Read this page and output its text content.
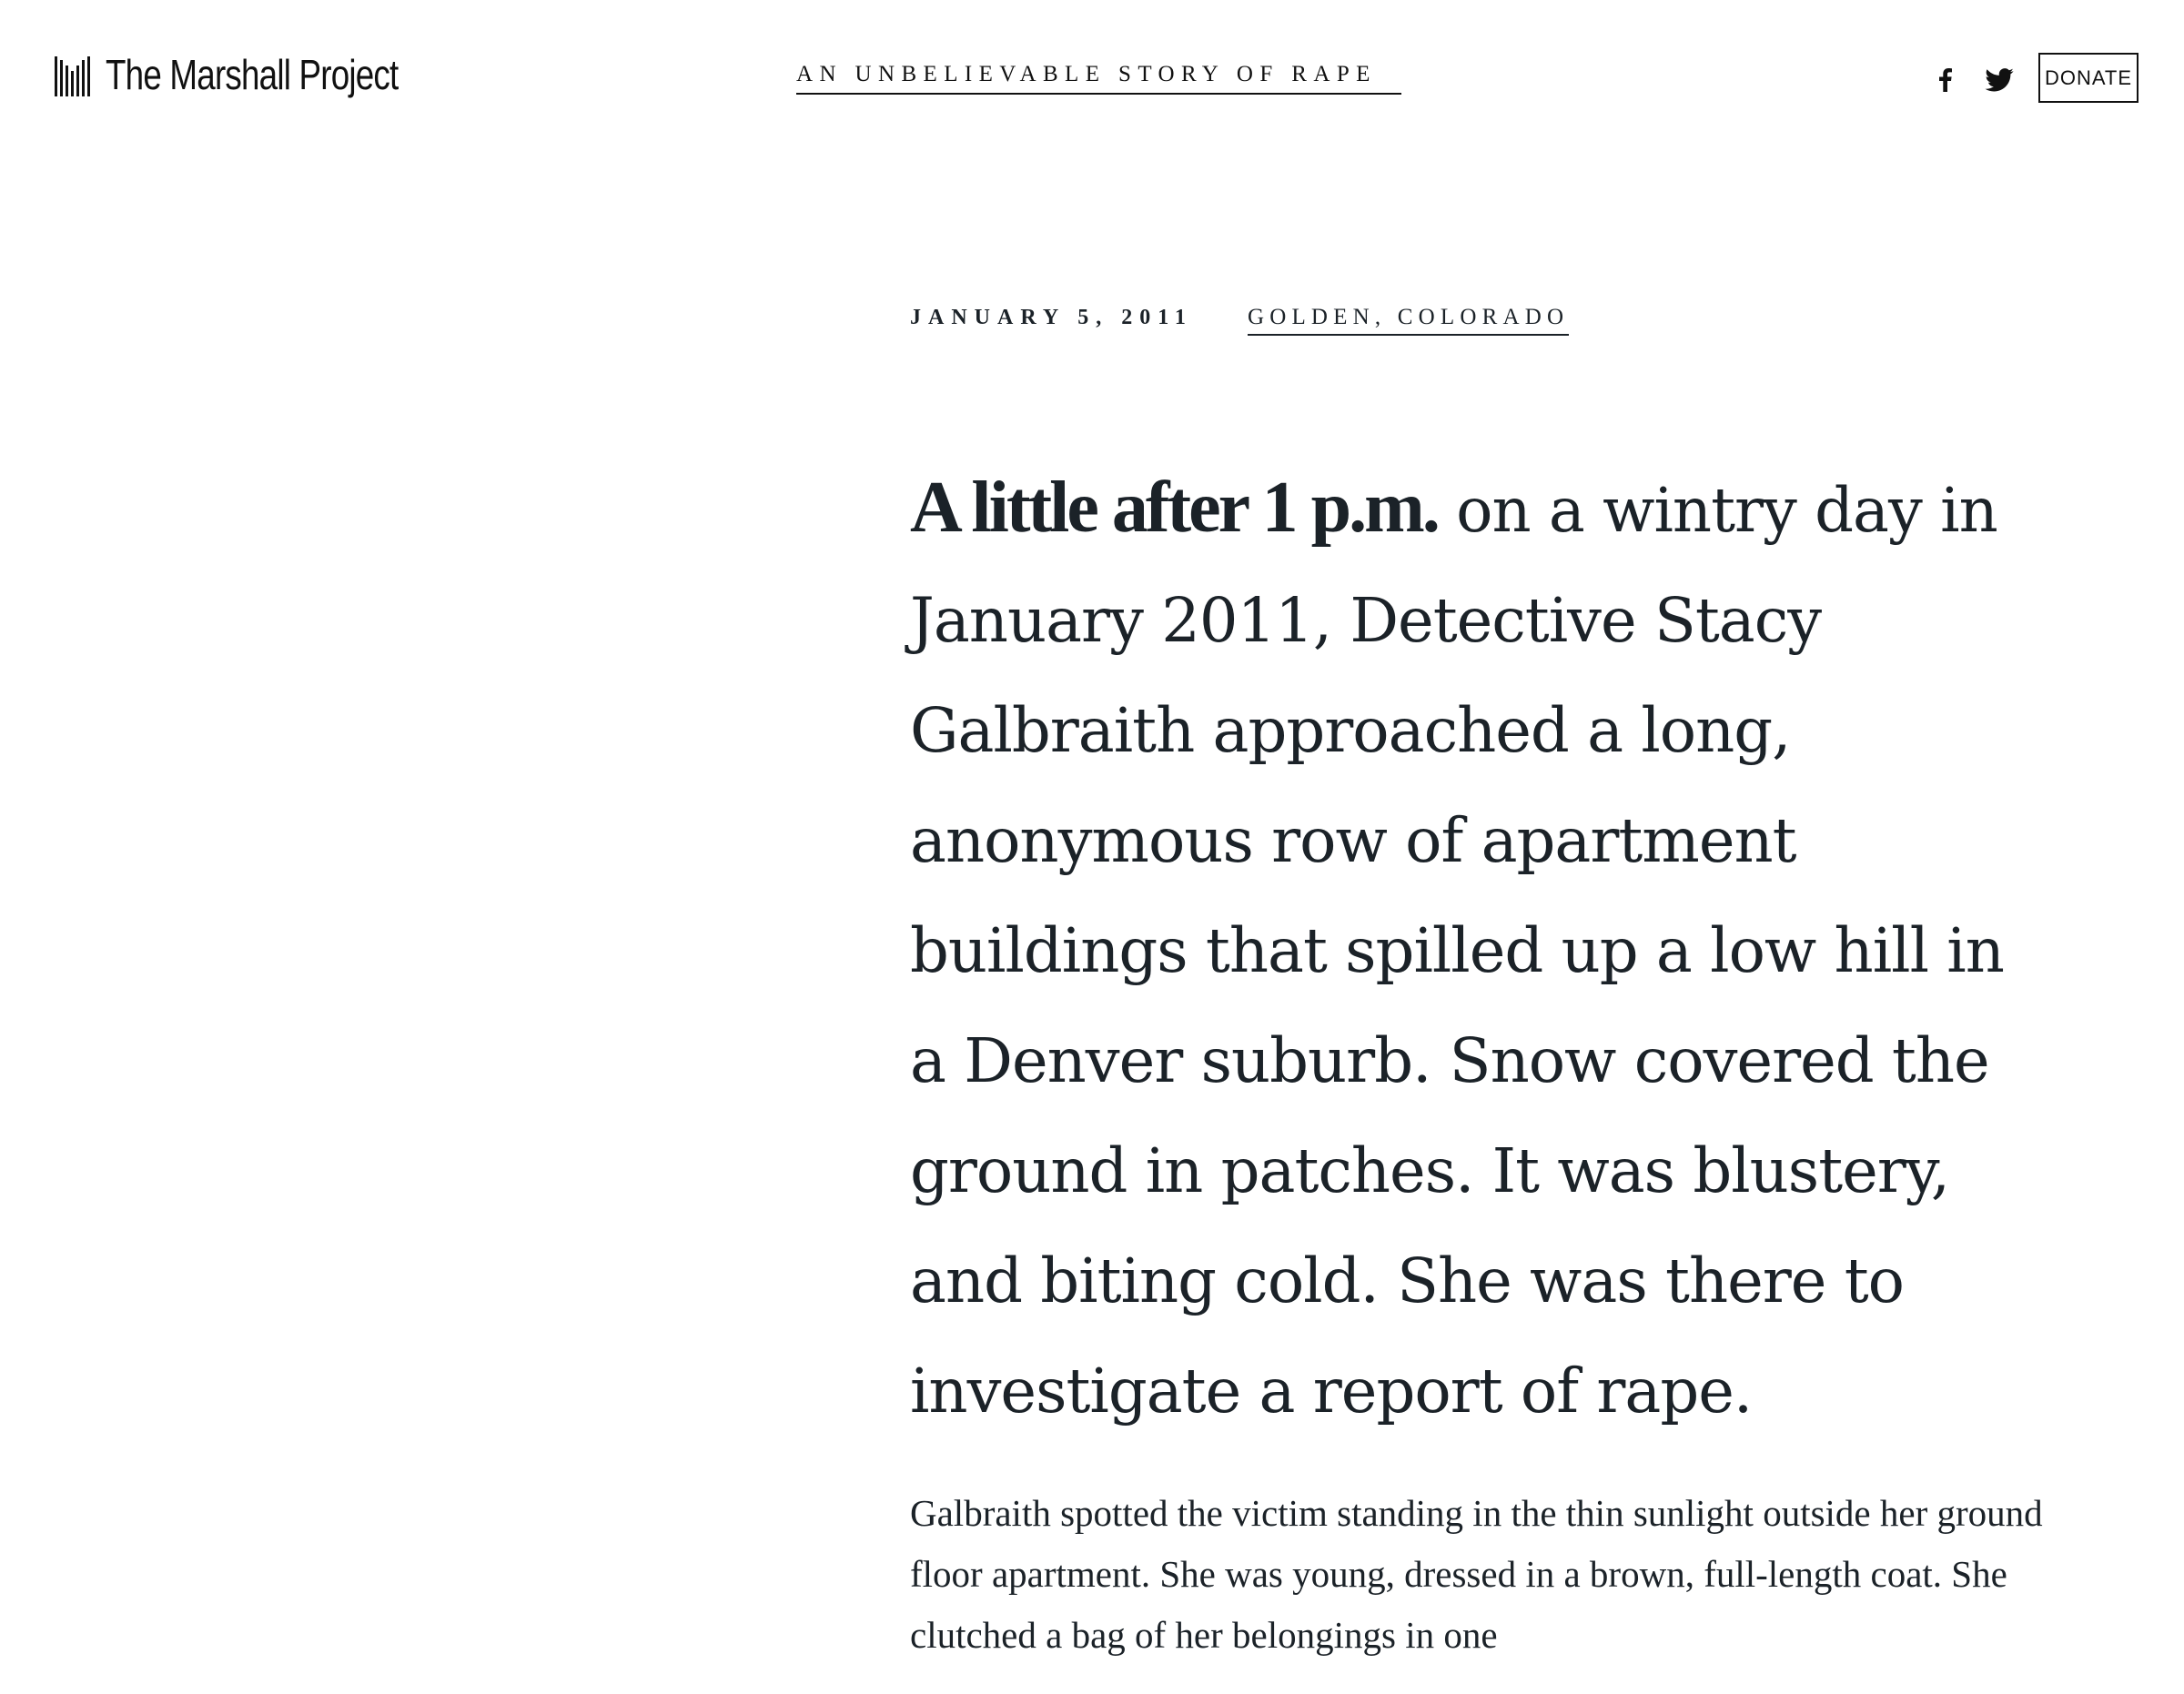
The Marshall Project	AN UNBELIEVABLE STORY OF RAPE	DONATE
JANUARY 5, 2011 GOLDEN, COLORADO

A little after 1 p.m. on a wintry day in January 2011, Detective Stacy Galbraith approached a long, anonymous row of apartment buildings that spilled up a low hill in a Denver suburb. Snow covered the ground in patches. It was blustery, and biting cold. She was there to investigate a report of rape.

Galbraith spotted the victim standing in the thin sunlight outside her ground floor apartment. She was young, dressed in a brown, full-length coat. She clutched a bag of her belongings in one
